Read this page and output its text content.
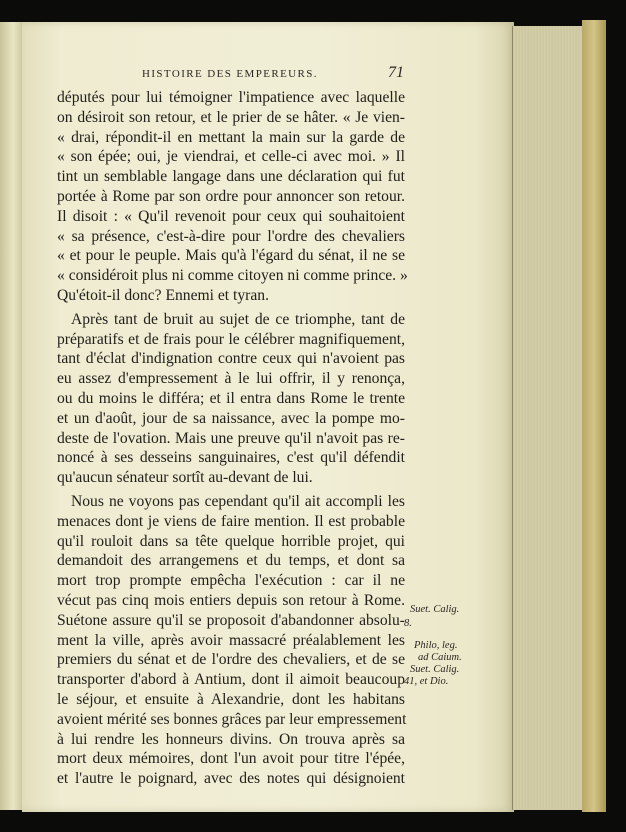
HISTOIRE DES EMPEREURS.	71
députés pour lui témoigner l'impatience avec laquelle
on désiroit son retour, et le prier de se hâter. « Je vien-
« drai, répondit-il en mettant la main sur la garde de
« son épée; oui, je viendrai, et celle-ci avec moi. » Il
tint un semblable langage dans une déclaration qui fut
portée à Rome par son ordre pour annoncer son retour.
Il disoit : « Qu'il revenoit pour ceux qui souhaitoient
« sa présence, c'est-à-dire pour l'ordre des chevaliers
« et pour le peuple. Mais qu'à l'égard du sénat, il ne se
« considéroit plus ni comme citoyen ni comme prince. »
Qu'étoit-il donc? Ennemi et tyran.
Après tant de bruit au sujet de ce triomphe, tant de
préparatifs et de frais pour le célébrer magnifiquement,
tant d'éclat d'indignation contre ceux qui n'avoient pas
eu assez d'empressement à le lui offrir, il y renonça,
ou du moins le différa; et il entra dans Rome le trente
et un d'août, jour de sa naissance, avec la pompe mo-
deste de l'ovation. Mais une preuve qu'il n'avoit pas re-
noncé à ses desseins sanguinaires, c'est qu'il défendit
qu'aucun sénateur sortît au-devant de lui.
Nous ne voyons pas cependant qu'il ait accompli les
menaces dont je viens de faire mention. Il est probable
qu'il rouloit dans sa tête quelque horrible projet, qui
demandoit des arrangemens et du temps, et dont sa
mort trop prompte empêcha l'exécution : car il ne
vécut pas cinq mois entiers depuis son retour à Rome.
Suétone assure qu'il se proposoit d'abandonner absolu-
ment la ville, après avoir massacré préalablement les
premiers du sénat et de l'ordre des chevaliers, et de se
transporter d'abord à Antium, dont il aimoit beaucoup
le séjour, et ensuite à Alexandrie, dont les habitans
avoient mérité ses bonnes grâces par leur empressement
à lui rendre les honneurs divins. On trouva après sa
mort deux mémoires, dont l'un avoit pour titre l'épée,
et l'autre le poignard, avec des notes qui désignoient
Suet. Calig.
8.
Philo, leg.
ad Caium.
Suet. Calig.
41, et Dio.
